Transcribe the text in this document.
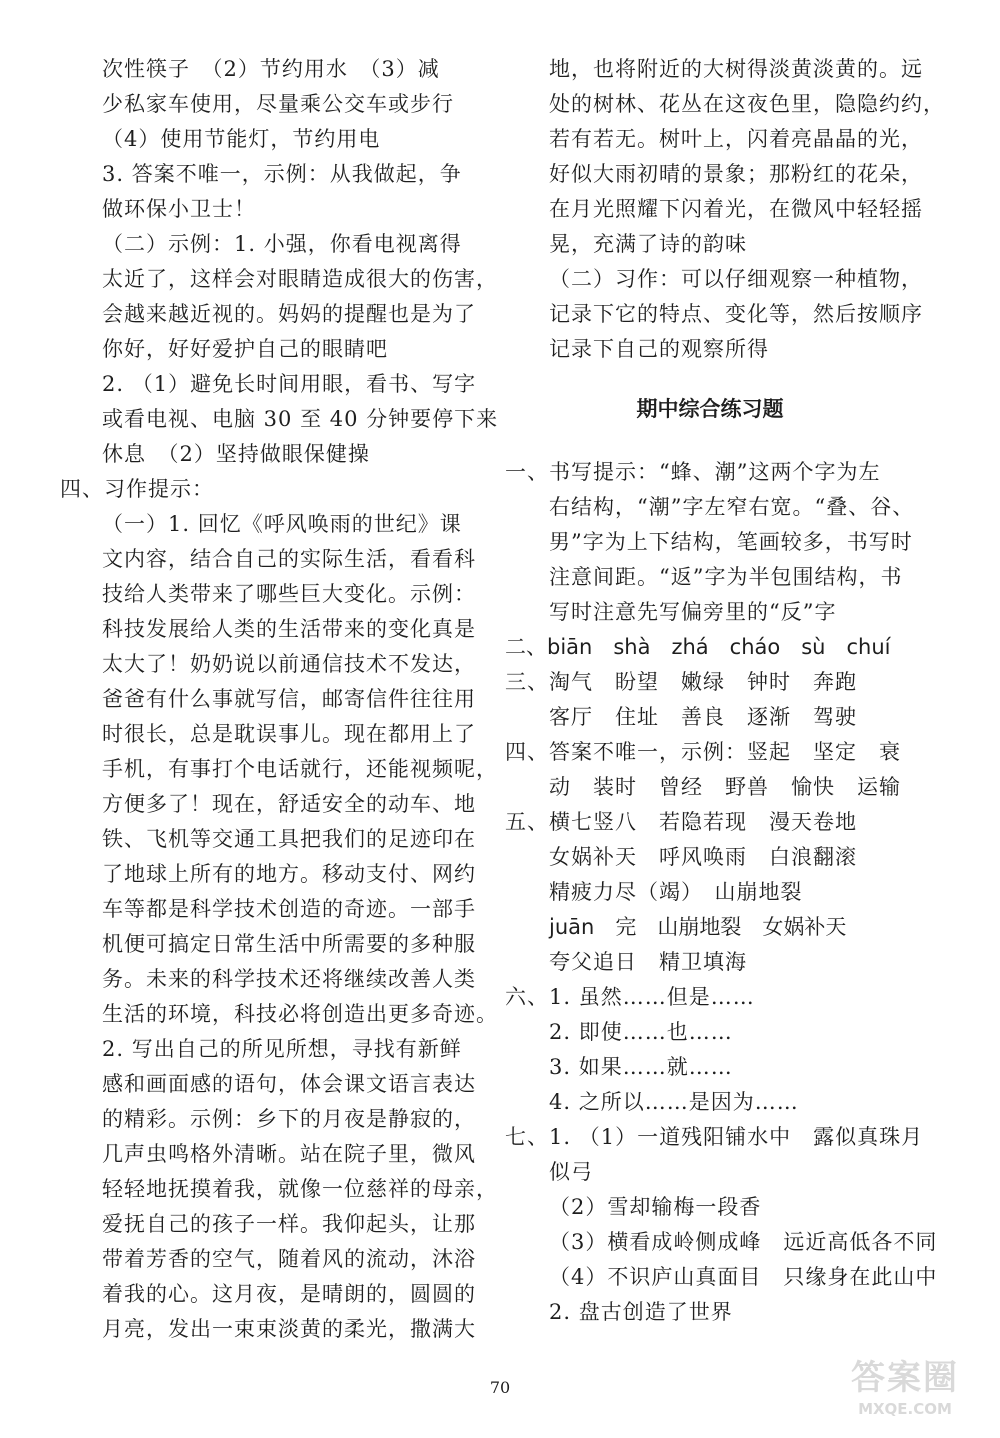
次性筷子　（2）节约用水　（3）减
少私家车使用，尽量乘公交车或步行
（4）使用节能灯，节约用电
3. 答案不唯一，示例：从我做起，争
做环保小卫士！
（二）示例：1. 小强，你看电视离得
太近了，这样会对眼睛造成很大的伤害，
会越来越近视的。妈妈的提醒也是为了
你好，好好爱护自己的眼睛吧
2. （1）避免长时间用眼，看书、写字
或看电视、电脑 30 至 40 分钟要停下来
休息　（2）坚持做眼保健操
四、习作提示：
（一）1. 回忆《呼风唤雨的世纪》课
文内容，结合自己的实际生活，看看科
技给人类带来了哪些巨大变化。示例：
科技发展给人类的生活带来的变化真是
太大了！奶奶说以前通信技术不发达，
爸爸有什么事就写信，邮寄信件往往用
时很长，总是耽误事儿。现在都用上了
手机，有事打个电话就行，还能视频呢，
方便多了！现在，舒适安全的动车、地
铁、飞机等交通工具把我们的足迹印在
了地球上所有的地方。移动支付、网约
车等都是科学技术创造的奇迹。一部手
机便可搞定日常生活中所需要的多种服
务。未来的科学技术还将继续改善人类
生活的环境，科技必将创造出更多奇迹。
2. 写出自己的所见所想，寻找有新鲜
感和画面感的语句，体会课文语言表达
的精彩。示例：乡下的月夜是静寂的，
几声虫鸣格外清晰。站在院子里，微风
轻轻地抚摸着我，就像一位慈祥的母亲，
爱抚自己的孩子一样。我仰起头，让那
带着芳香的空气，随着风的流动，沐浴
着我的心。这月夜，是晴朗的，圆圆的
月亮，发出一束束淡黄的柔光，撒满大
地，也将附近的大树得淡黄淡黄的。远
处的树林、花丛在这夜色里，隐隐约约，
若有若无。树叶上，闪着亮晶晶的光，
好似大雨初晴的景象；那粉红的花朵，
在月光照耀下闪着光，在微风中轻轻摇
晃，充满了诗的韵味
（二）习作：可以仔细观察一种植物，
记录下它的特点、变化等，然后按顺序
记录下自己的观察所得
期中综合练习题
一、书写提示：“蜂、潮”这两个字为左
右结构，“潮”字左窄右宽。“叠、谷、
男”字为上下结构，笔画较多，书写时
注意间距。“返”字为半包围结构，书
写时注意先写偏旁里的“反”字
二、biān　shà　zhá　cháo　sù　chuí
三、淘气　盼望　嫩绿　钟时　奔跑
客厅　住址　善良　逐渐　驾驶
四、答案不唯一，示例：竖起　坚定　衰
动　装时　曾经　野兽　愉快　运输
五、横七竖八　若隐若现　漫天卷地
女娲补天　呼风唤雨　白浪翻滚
精疲力尽（竭）　山崩地裂
juān　完　山崩地裂　女娲补天
夸父追日　精卫填海
六、1. 虽然……但是……
2. 即使……也……
3. 如果……就……
4. 之所以……是因为……
七、1. （1）一道残阳铺水中　露似真珠月
似弓
（2）雪却输梅一段香
（3）横看成岭侧成峰　远近高低各不同
（4）不识庐山真面目　只缘身在此山中
2. 盘古创造了世界
70	答案圈
MXQE.COM
